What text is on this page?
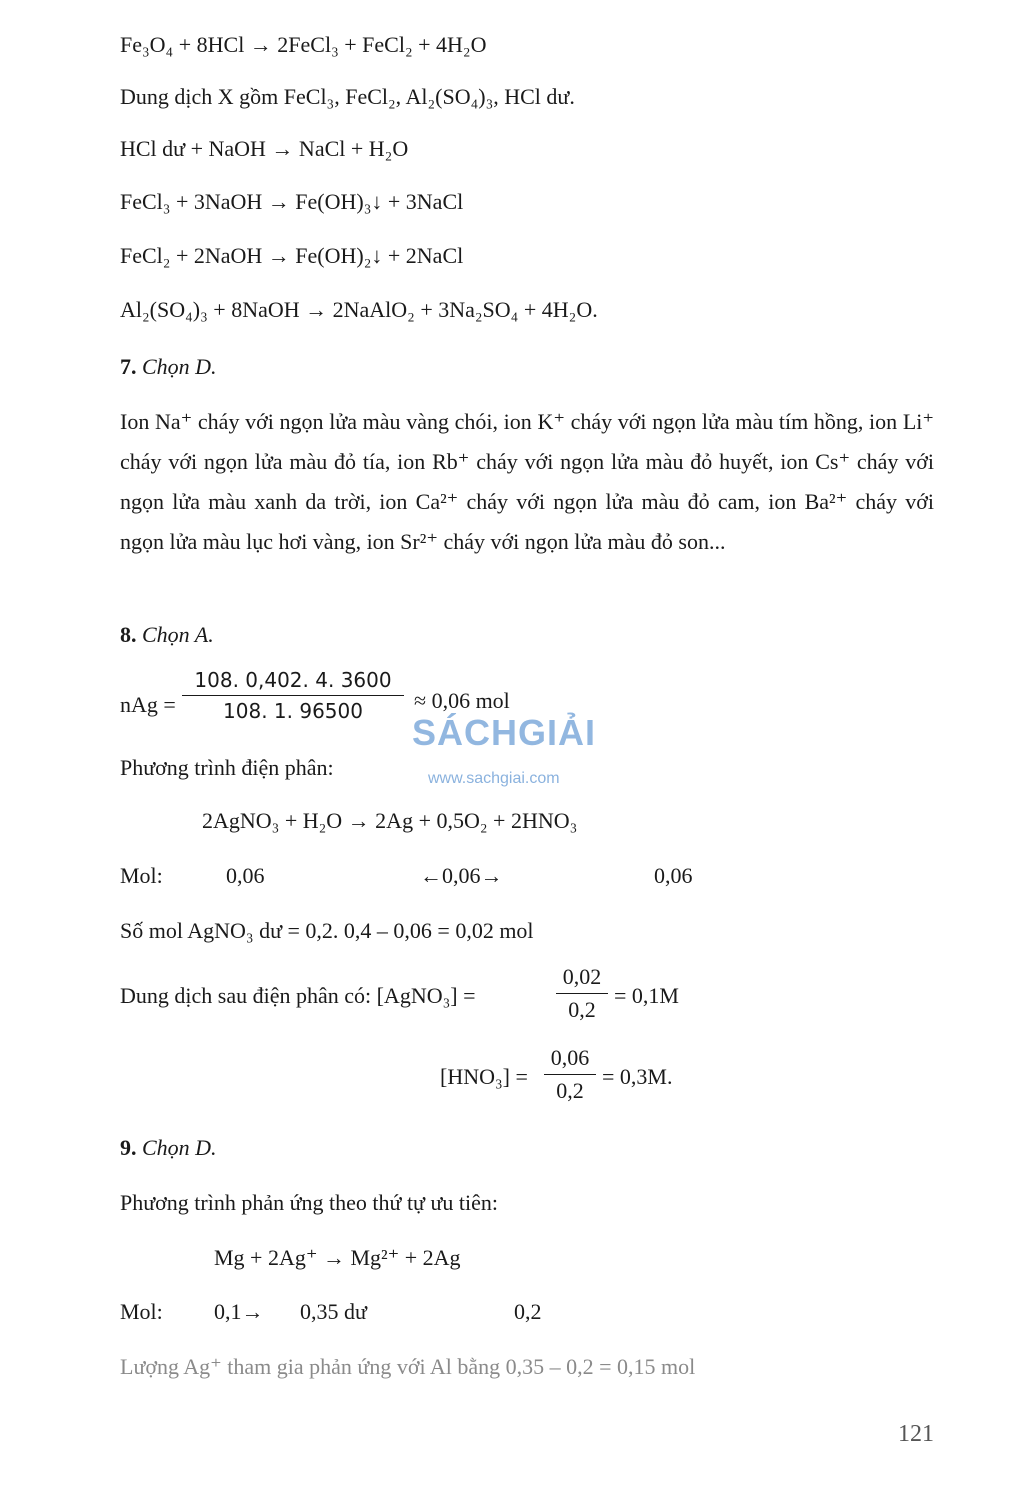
Fe₃O₄ + 8HCl → 2FeCl₃ + FeCl₂ + 4H₂O
Dung dịch X gồm FeCl₃, FeCl₂, Al₂(SO₄)₃, HCl dư.
HCl dư + NaOH → NaCl + H₂O
FeCl₃ + 3NaOH → Fe(OH)₃↓ + 3NaCl
FeCl₂ + 2NaOH → Fe(OH)₂↓ + 2NaCl
Al₂(SO₄)₃ + 8NaOH → 2NaAlO₂ + 3Na₂SO₄ + 4H₂O.
7. Chọn D.
Ion Na⁺ cháy với ngọn lửa màu vàng chói, ion K⁺ cháy với ngọn lửa màu tím hồng, ion Li⁺ cháy với ngọn lửa màu đỏ tía, ion Rb⁺ cháy với ngọn lửa màu đỏ huyết, ion Cs⁺ cháy với ngọn lửa màu xanh da trời, ion Ca²⁺ cháy với ngọn lửa màu đỏ cam, ion Ba²⁺ cháy với ngọn lửa màu lục hơi vàng, ion Sr²⁺ cháy với ngọn lửa màu đỏ son...
8. Chọn A.
nAg =
108. 0,402. 4. 3600
108. 1. 96500	≈ 0,06 mol
SÁCHGIẢI
www.sachgiai.com
Phương trình điện phân:
2AgNO₃ + H₂O → 2Ag + 0,5O₂ + 2HNO₃
Mol:	0,06	←0,06→	0,06
Số mol AgNO₃ dư = 0,2. 0,4 – 0,06 = 0,02 mol
Dung dịch sau điện phân có: [AgNO₃] =
0,02
0,2
= 0,1M
[HNO₃] =
0,06
0,2
= 0,3M.
9. Chọn D.
Phương trình phản ứng theo thứ tự ưu tiên:
Mg + 2Ag⁺ → Mg²⁺ + 2Ag
Mol: 0,1→ 0,35 dư	0,2
Lượng Ag⁺ tham gia phản ứng với Al bằng 0,35 – 0,2 = 0,15 mol
121
